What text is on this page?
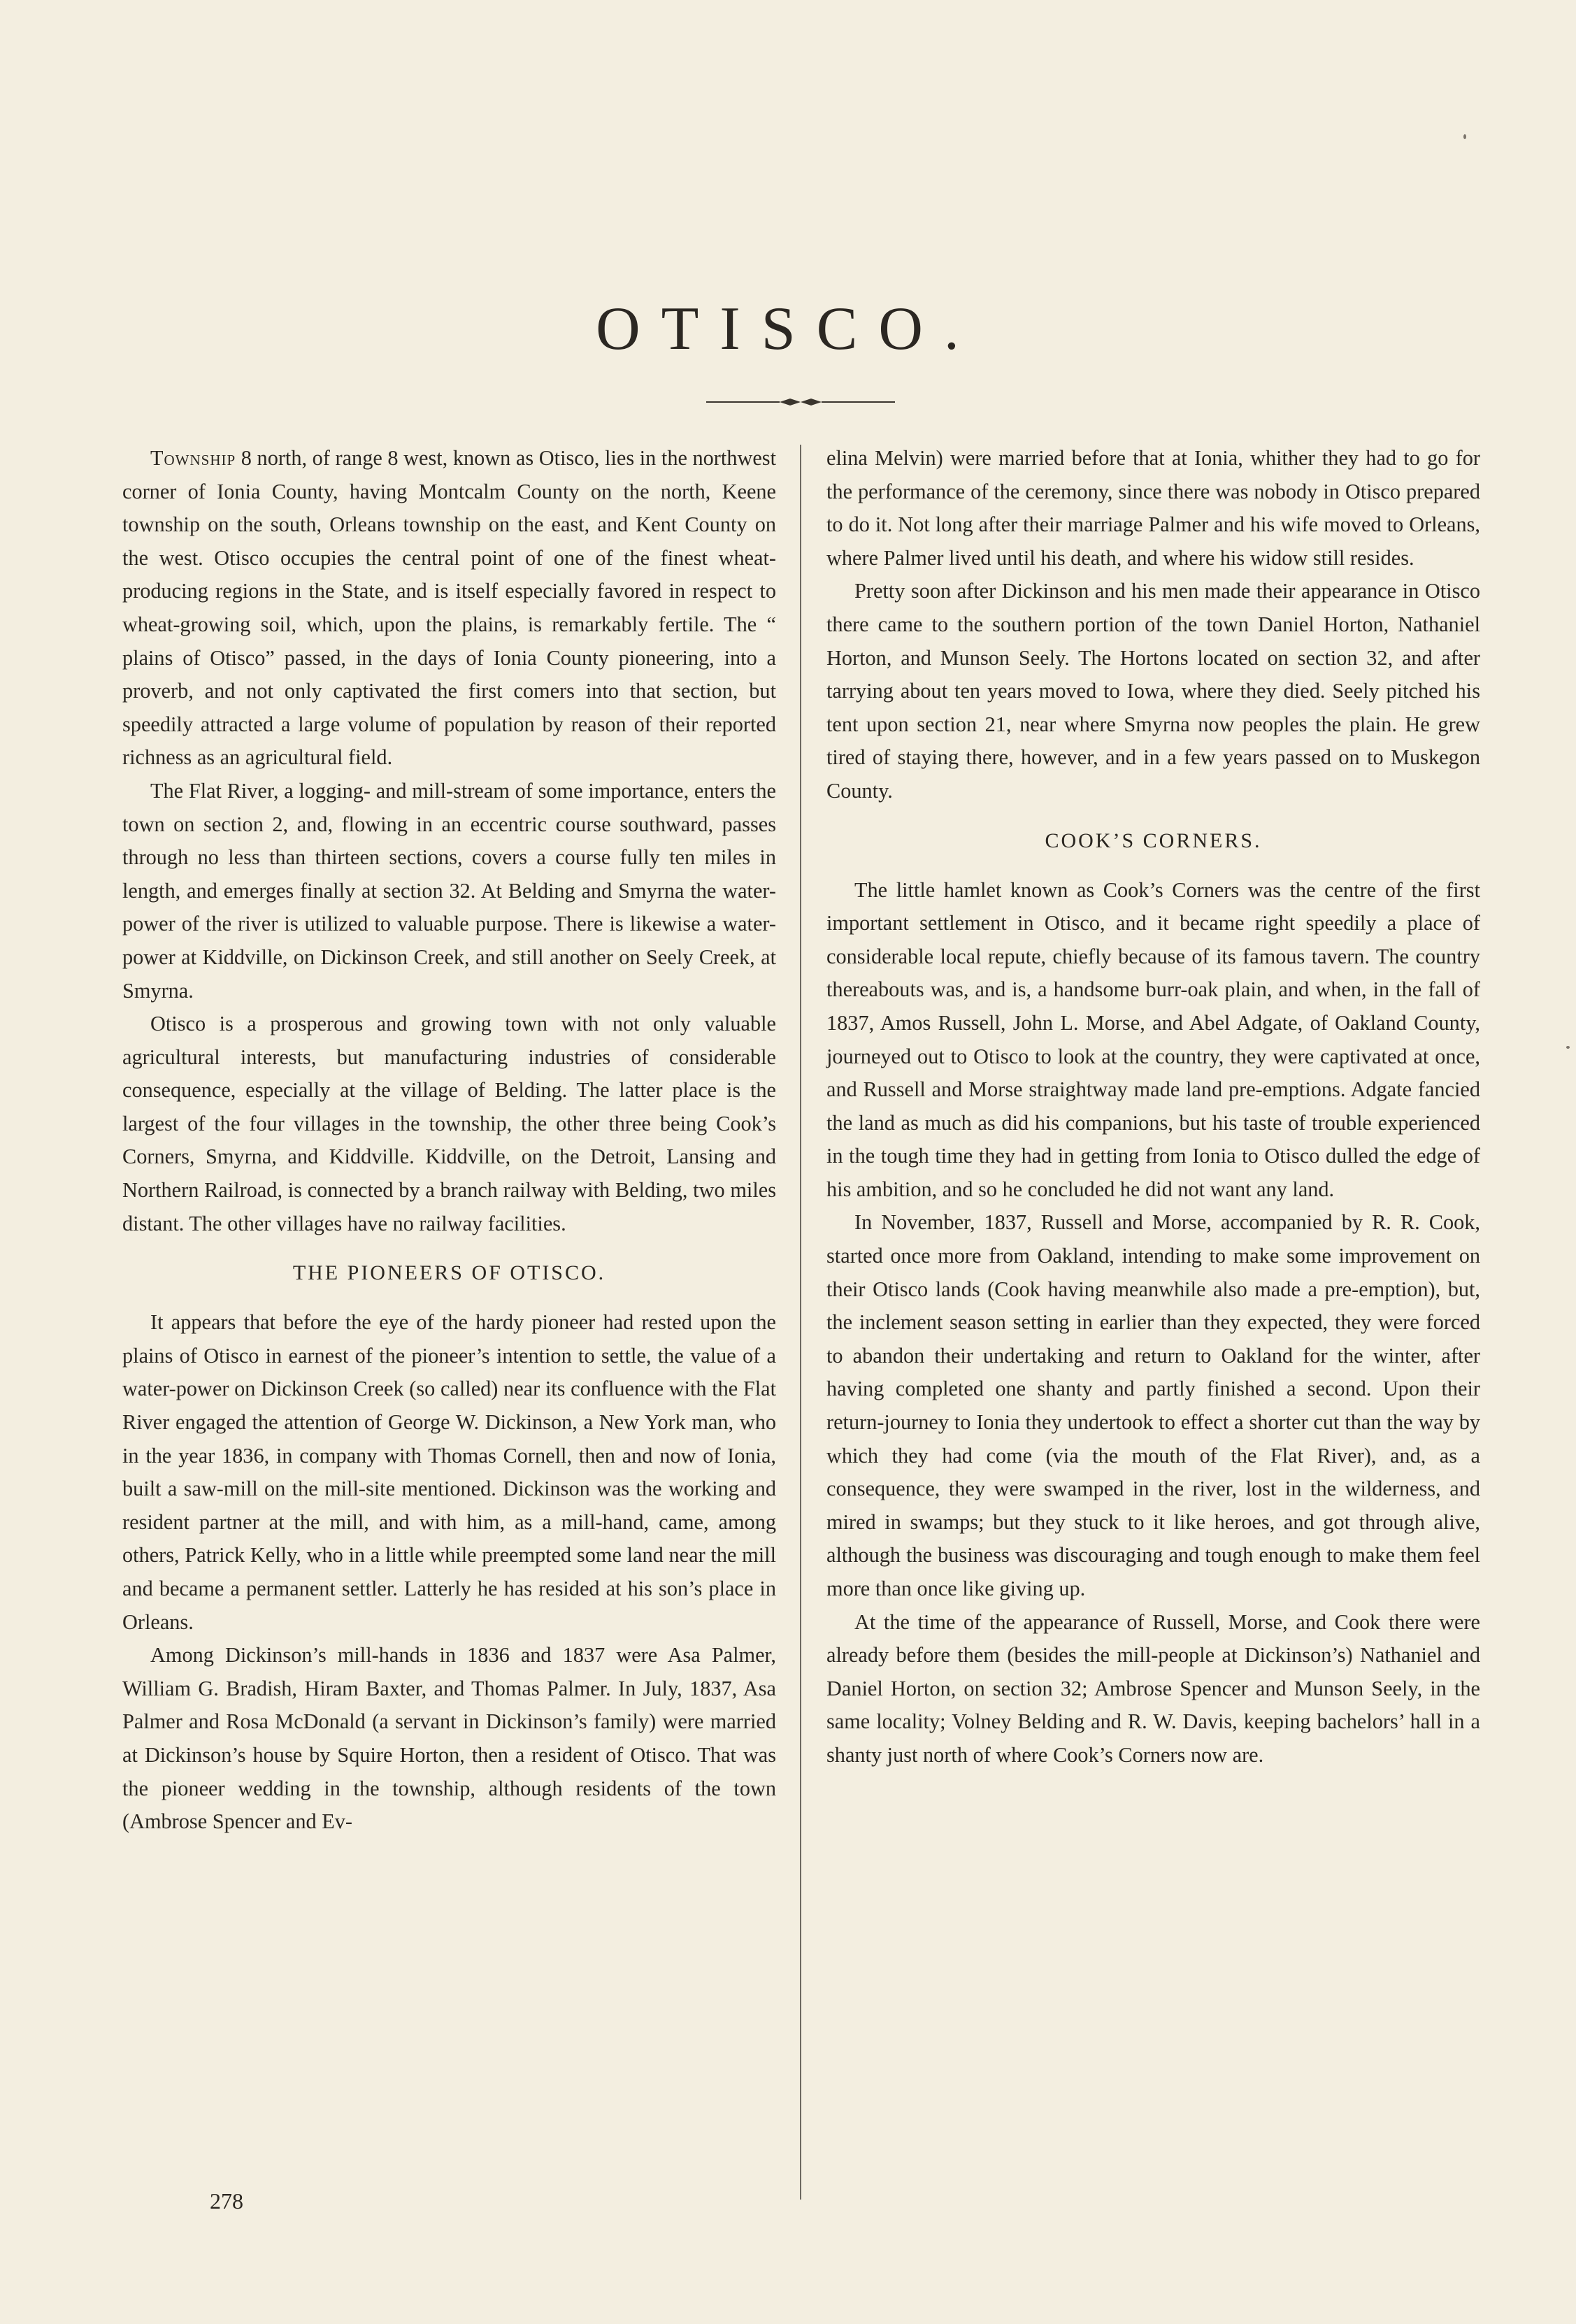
OTISCO.

Township 8 north, of range 8 west, known as Otisco, lies in the northwest corner of Ionia County, having Montcalm County on the north, Keene township on the south, Orleans township on the east, and Kent County on the west. Otisco occupies the central point of one of the finest wheat-producing regions in the State, and is itself especially favored in respect to wheat-growing soil, which, upon the plains, is remarkably fertile. The “ plains of Otisco” passed, in the days of Ionia County pioneering, into a proverb, and not only captivated the first comers into that section, but speedily attracted a large volume of population by reason of their reported richness as an agricultural field.

The Flat River, a logging- and mill-stream of some importance, enters the town on section 2, and, flowing in an eccentric course southward, passes through no less than thirteen sections, covers a course fully ten miles in length, and emerges finally at section 32. At Belding and Smyrna the water-power of the river is utilized to valuable purpose. There is likewise a water-power at Kiddville, on Dickinson Creek, and still another on Seely Creek, at Smyrna.

Otisco is a prosperous and growing town with not only valuable agricultural interests, but manufacturing industries of considerable consequence, especially at the village of Belding. The latter place is the largest of the four villages in the township, the other three being Cook’s Corners, Smyrna, and Kiddville. Kiddville, on the Detroit, Lansing and Northern Railroad, is connected by a branch railway with Belding, two miles distant. The other villages have no railway facilities.

THE PIONEERS OF OTISCO.

It appears that before the eye of the hardy pioneer had rested upon the plains of Otisco in earnest of the pioneer’s intention to settle, the value of a water-power on Dickinson Creek (so called) near its confluence with the Flat River engaged the attention of George W. Dickinson, a New York man, who in the year 1836, in company with Thomas Cornell, then and now of Ionia, built a saw-mill on the mill-site mentioned. Dickinson was the working and resident partner at the mill, and with him, as a mill-hand, came, among others, Patrick Kelly, who in a little while preempted some land near the mill and became a permanent settler. Latterly he has resided at his son’s place in Orleans.

Among Dickinson’s mill-hands in 1836 and 1837 were Asa Palmer, William G. Bradish, Hiram Baxter, and Thomas Palmer. In July, 1837, Asa Palmer and Rosa McDonald (a servant in Dickinson’s family) were married at Dickinson’s house by Squire Horton, then a resident of Otisco. That was the pioneer wedding in the township, although residents of the town (Ambrose Spencer and Ev-

elina Melvin) were married before that at Ionia, whither they had to go for the performance of the ceremony, since there was nobody in Otisco prepared to do it. Not long after their marriage Palmer and his wife moved to Orleans, where Palmer lived until his death, and where his widow still resides.

Pretty soon after Dickinson and his men made their appearance in Otisco there came to the southern portion of the town Daniel Horton, Nathaniel Horton, and Munson Seely. The Hortons located on section 32, and after tarrying about ten years moved to Iowa, where they died. Seely pitched his tent upon section 21, near where Smyrna now peoples the plain. He grew tired of staying there, however, and in a few years passed on to Muskegon County.

COOK’S CORNERS.

The little hamlet known as Cook’s Corners was the centre of the first important settlement in Otisco, and it became right speedily a place of considerable local repute, chiefly because of its famous tavern. The country thereabouts was, and is, a handsome burr-oak plain, and when, in the fall of 1837, Amos Russell, John L. Morse, and Abel Adgate, of Oakland County, journeyed out to Otisco to look at the country, they were captivated at once, and Russell and Morse straightway made land pre-emptions. Adgate fancied the land as much as did his companions, but his taste of trouble experienced in the tough time they had in getting from Ionia to Otisco dulled the edge of his ambition, and so he concluded he did not want any land.

In November, 1837, Russell and Morse, accompanied by R. R. Cook, started once more from Oakland, intending to make some improvement on their Otisco lands (Cook having meanwhile also made a pre-emption), but, the inclement season setting in earlier than they expected, they were forced to abandon their undertaking and return to Oakland for the winter, after having completed one shanty and partly finished a second. Upon their return-journey to Ionia they undertook to effect a shorter cut than the way by which they had come (via the mouth of the Flat River), and, as a consequence, they were swamped in the river, lost in the wilderness, and mired in swamps; but they stuck to it like heroes, and got through alive, although the business was discouraging and tough enough to make them feel more than once like giving up.

At the time of the appearance of Russell, Morse, and Cook there were already before them (besides the mill-people at Dickinson’s) Nathaniel and Daniel Horton, on section 32; Ambrose Spencer and Munson Seely, in the same locality; Volney Belding and R. W. Davis, keeping bachelors’ hall in a shanty just north of where Cook’s Corners now are.

278
